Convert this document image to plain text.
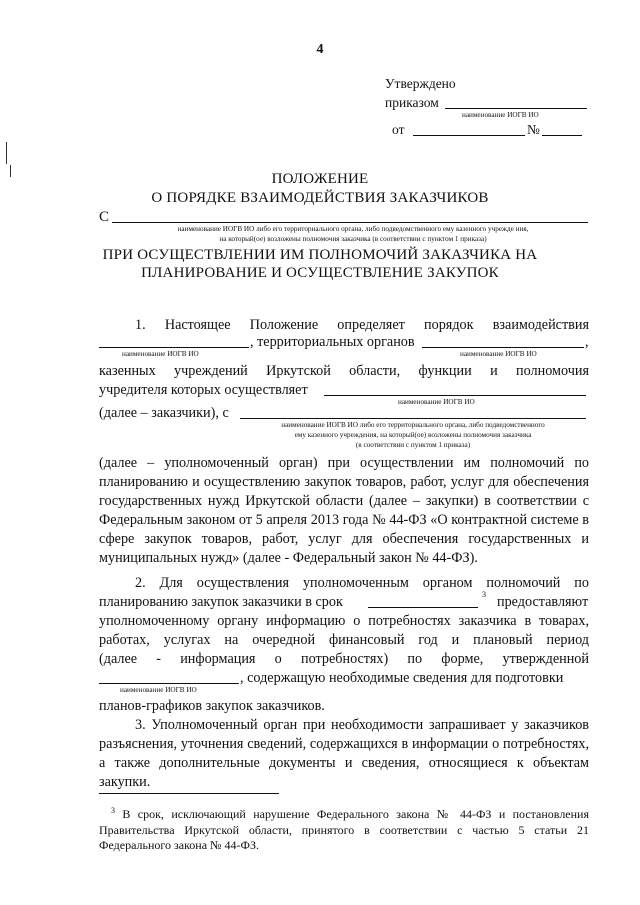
4
Утверждено
приказом
наименование ИОГВ ИО
от	№
ПОЛОЖЕНИЕ
О ПОРЯДКЕ ВЗАИМОДЕЙСТВИЯ ЗАКАЗЧИКОВ
С
наименование ИОГВ ИО либо его территориального органа, либо подведомственного ему казенного учрежде ния,
на который(ое) возложены полномочия заказчика (в соответствии с пунктом 1 приказа)
ПРИ ОСУЩЕСТВЛЕНИИ ИМ ПОЛНОМОЧИЙ ЗАКАЗЧИКА НА
ПЛАНИРОВАНИЕ И ОСУЩЕСТВЛЕНИЕ ЗАКУПОК
1. Настоящее Положение определяет порядок взаимодействия
, территориальных органов	,
наименование ИОГВ ИО	наименование ИОГВ ИО
казенных учреждений Иркутской области, функции и полномочия
учредителя которых осуществляет
наименование ИОГВ ИО
(далее – заказчики), с
наименование ИОГВ ИО либо его территориального органа, либо подведомственного
ему казенного учреждения, на который(ое) возложены полномочия заказчика
(в соответствии с пунктом 1 приказа)
(далее – уполномоченный орган) при осуществлении им полномочий по планированию и осуществлению закупок товаров, работ, услуг для обеспечения государственных нужд Иркутской области (далее – закупки) в соответствии с Федеральным законом от 5 апреля 2013 года № 44-ФЗ «О контрактной системе в сфере закупок товаров, работ, услуг для обеспечения государственных и муниципальных нужд» (далее - Федеральный закон № 44-ФЗ).
2. Для осуществления уполномоченным органом полномочий по
планированию закупок заказчики в срок	3 предоставляют
уполномоченному органу информацию о потребностях заказчика в товарах,
работах, услугах на очередной финансовый год и плановый период
(далее - информация о потребностях) по форме, утвержденной
, содержащую необходимые сведения для подготовки
наименование ИОГВ ИО
планов-графиков закупок заказчиков.
3. Уполномоченный орган при необходимости запрашивает у заказчиков разъяснения, уточнения сведений, содержащихся в информации о потребностях, а также дополнительные документы и сведения, относящиеся к объектам закупки.
$^3$ В срок, исключающий нарушение Федерального закона № 44-ФЗ и постановления Правительства Иркутской области, принятого в соответствии с частью 5 статьи 21 Федерального закона № 44-ФЗ.
